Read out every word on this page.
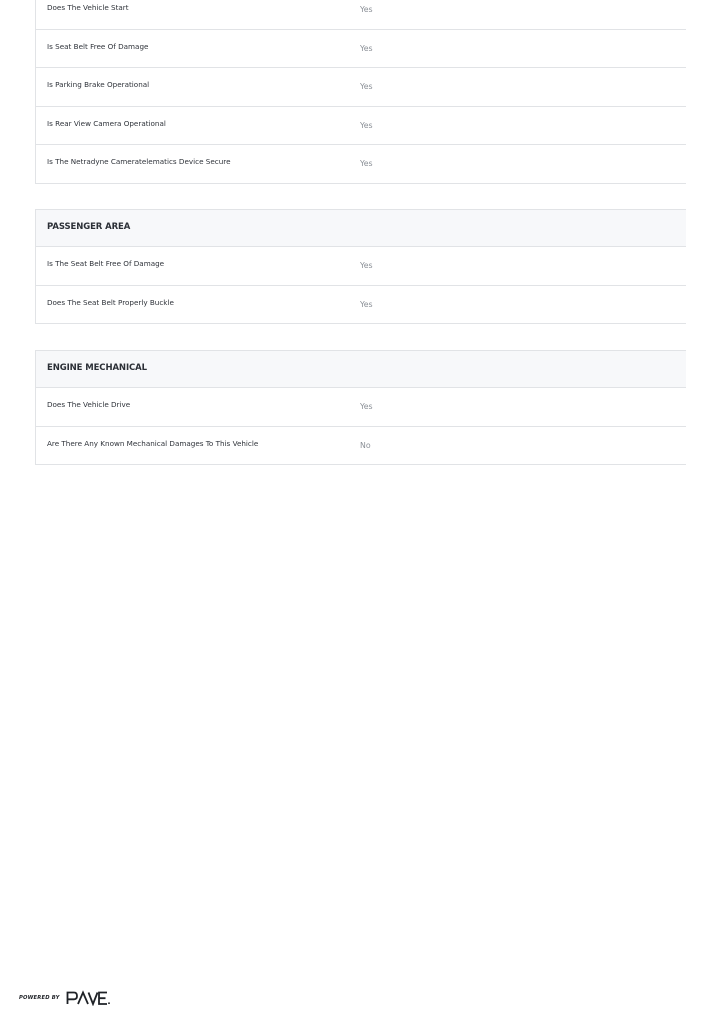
Does The Vehicle Start	Yes
Is Seat Belt Free Of Damage	Yes
Is Parking Brake Operational	Yes
Is Rear View Camera Operational	Yes
Is The Netradyne Cameratelematics Device Secure	Yes
PASSENGER AREA
Is The Seat Belt Free Of Damage	Yes
Does The Seat Belt Properly Buckle	Yes
ENGINE MECHANICAL
Does The Vehicle Drive	Yes
Are There Any Known Mechanical Damages To This Vehicle	No
POWERED BY
